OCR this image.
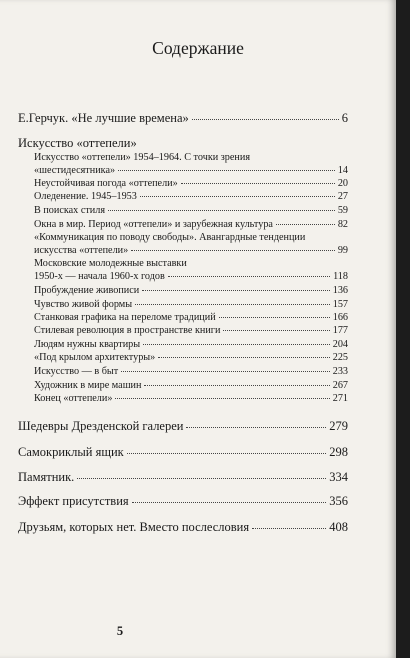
Содержание
Е.Герчук. «Не лучшие времена»	6
Искусство «оттепели»
Искусство «оттепели» 1954–1964. С точки зрения
«шестидесятника»	14
Неустойчивая погода «оттепели»	20
Оледенение. 1945–1953	27
В поисках стиля	59
Окна в мир. Период «оттепели» и зарубежная культура	82
«Коммуникация по поводу свободы». Авангардные тенденции
искусства «оттепели»	99
Московские молодежные выставки
1950-х — начала 1960-х годов	118
Пробуждение живописи	136
Чувство живой формы	157
Станковая графика на переломе традиций	166
Стилевая революция в пространстве книги	177
Людям нужны квартиры	204
«Под крылом архитектуры»	225
Искусство — в быт	233
Художник в мире машин	267
Конец «оттепели»	271
Шедевры Дрезденской галереи	279
Самокриклый ящик	298
Памятник.	334
Эффект присутствия	356
Друзьям, которых нет. Вместо послесловия	408
5
